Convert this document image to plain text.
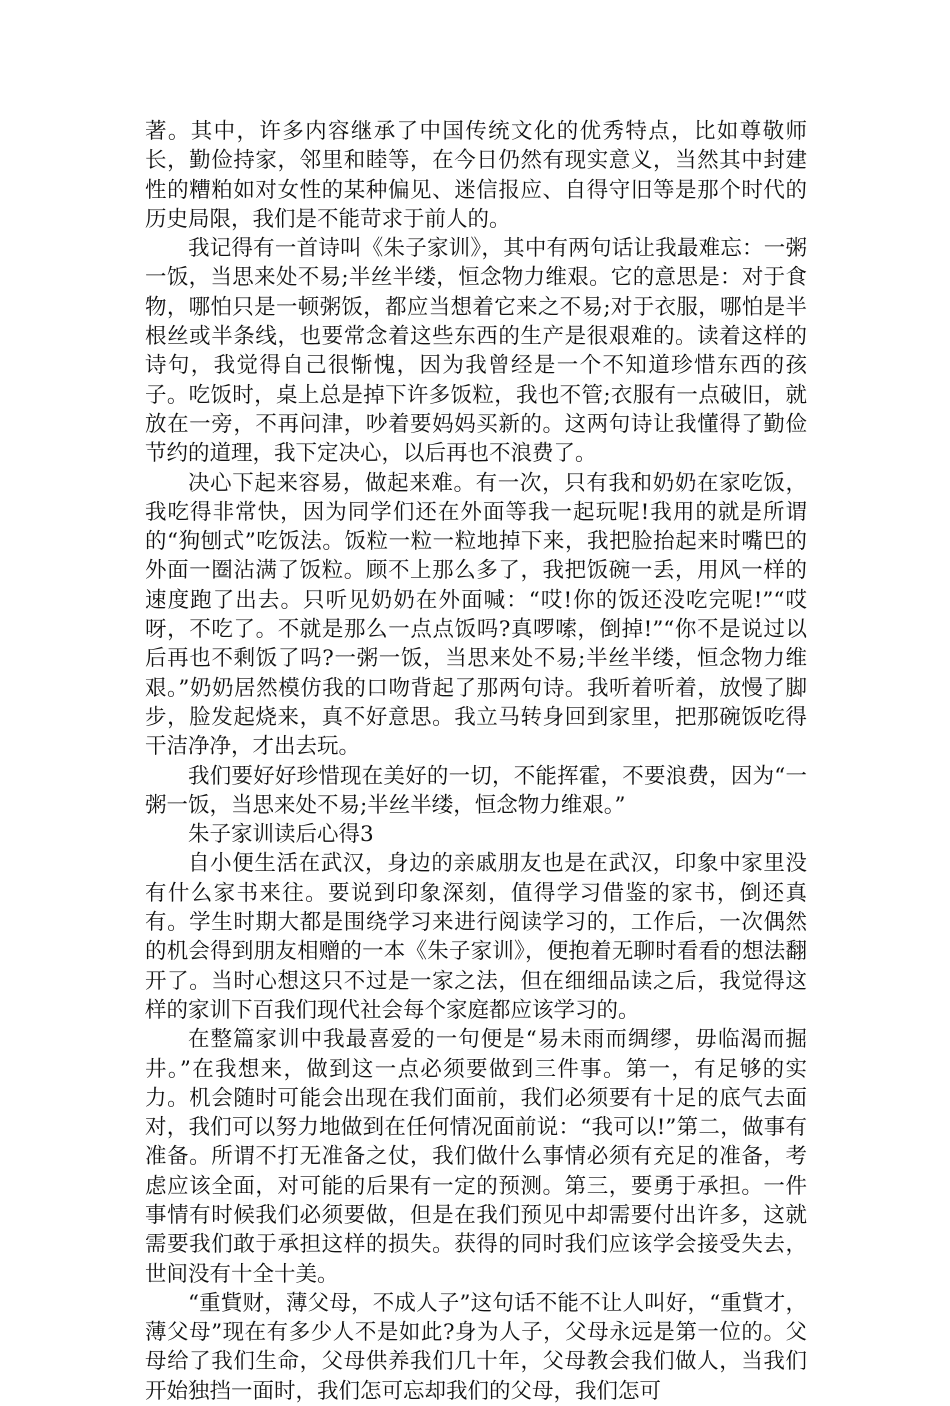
著。其中，许多内容继承了中国传统文化的优秀特点，比如尊敬师长，勤俭持家，邻里和睦等，在今日仍然有现实意义，当然其中封建性的糟粕如对女性的某种偏见、迷信报应、自得守旧等是那个时代的历史局限，我们是不能苛求于前人的。

我记得有一首诗叫《朱子家训》，其中有两句话让我最难忘：一粥一饭，当思来处不易;半丝半缕，恒念物力维艰。它的意思是：对于食物，哪怕只是一顿粥饭，都应当想着它来之不易;对于衣服，哪怕是半根丝或半条线，也要常念着这些东西的生产是很艰难的。读着这样的诗句，我觉得自己很惭愧，因为我曾经是一个不知道珍惜东西的孩子。吃饭时，桌上总是掉下许多饭粒，我也不管;衣服有一点破旧，就放在一旁，不再问津，吵着要妈妈买新的。这两句诗让我懂得了勤俭节约的道理，我下定决心，以后再也不浪费了。

决心下起来容易，做起来难。有一次，只有我和奶奶在家吃饭，我吃得非常快，因为同学们还在外面等我一起玩呢!我用的就是所谓的“狗刨式”吃饭法。饭粒一粒一粒地掉下来，我把脸抬起来时嘴巴的外面一圈沾满了饭粒。顾不上那么多了，我把饭碗一丢，用风一样的速度跑了出去。只听见奶奶在外面喊：“哎!你的饭还没吃完呢!”“哎呀，不吃了。不就是那么一点点饭吗?真啰嗦，倒掉!”“你不是说过以后再也不剩饭了吗?一粥一饭，当思来处不易;半丝半缕，恒念物力维艰。”奶奶居然模仿我的口吻背起了那两句诗。我听着听着，放慢了脚步，脸发起烧来，真不好意思。我立马转身回到家里，把那碗饭吃得干洁净净，才出去玩。

我们要好好珍惜现在美好的一切，不能挥霍，不要浪费，因为“一粥一饭，当思来处不易;半丝半缕，恒念物力维艰。”

朱子家训读后心得3

自小便生活在武汉，身边的亲戚朋友也是在武汉，印象中家里没有什么家书来往。要说到印象深刻，值得学习借鉴的家书，倒还真有。学生时期大都是围绕学习来进行阅读学习的，工作后，一次偶然的机会得到朋友相赠的一本《朱子家训》，便抱着无聊时看看的想法翻开了。当时心想这只不过是一家之法，但在细细品读之后，我觉得这样的家训下百我们现代社会每个家庭都应该学习的。

在整篇家训中我最喜爱的一句便是“易未雨而绸缪，毋临渴而掘井。”在我想来，做到这一点必须要做到三件事。第一，有足够的实力。机会随时可能会出现在我们面前，我们必须要有十足的底气去面对，我们可以努力地做到在任何情况面前说：“我可以!”第二，做事有准备。所谓不打无准备之仗，我们做什么事情必须有充足的准备，考虑应该全面，对可能的后果有一定的预测。第三，要勇于承担。一件事情有时候我们必须要做，但是在我们预见中却需要付出许多，这就需要我们敢于承担这样的损失。获得的同时我们应该学会接受失去，世间没有十全十美。

“重貲财，薄父母，不成人子”这句话不能不让人叫好，“重貲才，薄父母”现在有多少人不是如此?身为人子，父母永远是第一位的。父母给了我们生命，父母供养我们几十年，父母教会我们做人，当我们开始独挡一面时，我们怎可忘却我们的父母，我们怎可
